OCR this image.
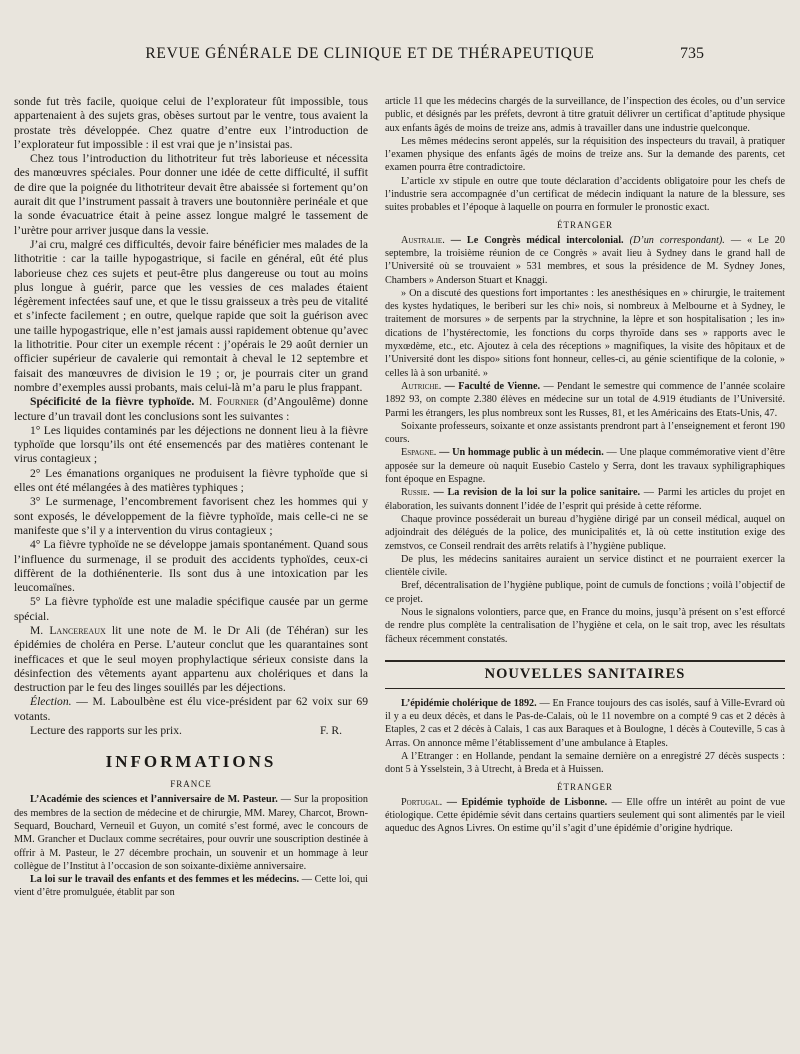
REVUE GÉNÉRALE DE CLINIQUE ET DE THÉRAPEUTIQUE	735

sonde fut très facile, quoique celui de l’explorateur fût impossible, tous appartenaient à des sujets gras, obèses surtout par le ventre, tous avaient la prostate très développée. Chez quatre d’entre eux l’introduction de l’explorateur fut impossible : il est vrai que je n’insistai pas.

Chez tous l’introduction du lithotriteur fut très laborieuse et nécessita des manœuvres spéciales. Pour donner une idée de cette difficulté, il suffit de dire que la poignée du lithotriteur devait être abaissée si fortement qu’on aurait dit que l’instrument passait à travers une boutonnière perinéale et que la sonde évacuatrice était à peine assez longue malgré le tassement de l’urètre pour arriver jusque dans la vessie.

J’ai cru, malgré ces difficultés, devoir faire bénéficier mes malades de la lithotritie : car la taille hypogastrique, si facile en général, eût été plus laborieuse chez ces sujets et peut-être plus dangereuse ou tout au moins plus longue à guérir, parce que les vessies de ces malades étaient légèrement infectées sauf une, et que le tissu graisseux a très peu de vitalité et s’infecte facilement ; en outre, quelque rapide que soit la guérison avec une taille hypogastrique, elle n’est jamais aussi rapidement obtenue qu’avec la lithotritie. Pour citer un exemple récent : j’opérais le 29 août dernier un officier supérieur de cavalerie qui remontait à cheval le 12 septembre et faisait des manœuvres de division le 19 ; or, je pourrais citer un grand nombre d’exemples aussi probants, mais celui-là m’a paru le plus frappant.

Spécificité de la fièvre typhoïde. M. Fournier (d’Angoulême) donne lecture d’un travail dont les conclusions sont les suivantes :

1° Les liquides contaminés par les déjections ne donnent lieu à la fièvre typhoïde que lorsqu’ils ont été ensemencés par des matières contenant le virus contagieux ;

2° Les émanations organiques ne produisent la fièvre typhoïde que si elles ont été mélangées à des matières typhiques ;

3° Le surmenage, l’encombrement favorisent chez les hommes qui y sont exposés, le développement de la fièvre typhoïde, mais celle-ci ne se manifeste que s’il y a intervention du virus contagieux ;

4° La fièvre typhoïde ne se développe jamais spontanément. Quand sous l’influence du surmenage, il se produit des accidents typhoïdes, ceux-ci diffèrent de la dothiénenterie. Ils sont dus à une intoxication par les leucomaïnes.

5° La fièvre typhoïde est une maladie spécifique causée par un germe spécial.

M. Lancereaux lit une note de M. le Dr Ali (de Téhéran) sur les épidémies de choléra en Perse. L’auteur conclut que les quarantaines sont inefficaces et que le seul moyen prophylactique sérieux consiste dans la désinfection des vêtements ayant appartenu aux cholériques et dans la destruction par le feu des linges souillés par les déjections.

Élection. — M. Laboulbène est élu vice-président par 62 voix sur 69 votants.

Lecture des rapports sur les prix.	F. R.

INFORMATIONS
FRANCE

L’Académie des sciences et l’anniversaire de M. Pasteur. — Sur la proposition des membres de la section de médecine et de chirurgie, MM. Marey, Charcot, Brown-Sequard, Bouchard, Verneuil et Guyon, un comité s’est formé, avec le concours de MM. Grancher et Duclaux comme secrétaires, pour ouvrir une souscription destinée à offrir à M. Pasteur, le 27 décembre prochain, un souvenir et un hommage à leur collègue de l’Institut à l’occasion de son soixante-dixième anniversaire.

La loi sur le travail des enfants et des femmes et les médecins. — Cette loi, qui vient d’être promulguée, établit par son

article 11 que les médecins chargés de la surveillance, de l’inspection des écoles, ou d’un service public, et désignés par les préfets, devront à titre gratuit délivrer un certificat d’aptitude physique aux enfants âgés de moins de treize ans, admis à travailler dans une industrie quelconque.

Les mêmes médecins seront appelés, sur la réquisition des inspecteurs du travail, à pratiquer l’examen physique des enfants âgés de moins de treize ans. Sur la demande des parents, cet examen pourra être contradictoire.

L’article xv stipule en outre que toute déclaration d’accidents obligatoire pour les chefs de l’industrie sera accompagnée d’un certificat de médecin indiquant la nature de la blessure, ses suites probables et l’époque à laquelle on pourra en formuler le pronostic exact.

ÉTRANGER

Australie. — Le Congrès médical intercolonial. (D’un correspondant). — « Le 20 septembre, la troisième réunion de ce Congrès » avait lieu à Sydney dans le grand hall de l’Université où se trouvaient » 531 membres, et sous la présidence de M. Sydney Jones, Chambers » Anderson Stuart et Knaggi.

» On a discuté des questions fort importantes : les anesthésiques en » chirurgie, le traitement des kystes hydatiques, le beriberi sur les chi» nois, si nombreux à Melbourne et à Sydney, le traitement de morsures » de serpents par la strychnine, la lèpre et son hospitalisation ; les in» dications de l’hystérectomie, les fonctions du corps thyroïde dans ses » rapports avec le myxœdème, etc., etc. Ajoutez à cela des réceptions » magnifiques, la visite des hôpitaux et de l’Université dont les dispo» sitions font honneur, celles-ci, au génie scientifique de la colonie, » celles là à son urbanité. »

Autriche. — Faculté de Vienne. — Pendant le semestre qui commence de l’année scolaire 1892 93, on compte 2.380 élèves en médecine sur un total de 4.919 étudiants de l’Université. Parmi les étrangers, les plus nombreux sont les Russes, 81, et les Américains des Etats-Unis, 47.

Soixante professeurs, soixante et onze assistants prendront part à l’enseignement et feront 190 cours.

Espagne. — Un hommage public à un médecin. — Une plaque commémorative vient d’être apposée sur la demeure où naquit Eusebio Castelo y Serra, dont les travaux syphiligraphiques font époque en Espagne.

Russie. — La revision de la loi sur la police sanitaire. — Parmi les articles du projet en élaboration, les suivants donnent l’idée de l’esprit qui préside à cette réforme.

Chaque province posséderait un bureau d’hygiène dirigé par un conseil médical, auquel on adjoindrait des délégués de la police, des municipalités et, là où cette institution exige des zemstvos, ce Conseil rendrait des arrêts relatifs à l’hygiène publique.

De plus, les médecins sanitaires auraient un service distinct et ne pourraient exercer la clientèle civile.

Bref, décentralisation de l’hygiène publique, point de cumuls de fonctions ; voilà l’objectif de ce projet.

Nous le signalons volontiers, parce que, en France du moins, jusqu’à présent on s’est efforcé de rendre plus complète la centralisation de l’hygiène et cela, on le sait trop, avec les résultats fâcheux récemment constatés.

NOUVELLES SANITAIRES

L’épidémie cholérique de 1892. — En France toujours des cas isolés, sauf à Ville-Evrard où il y a eu deux décès, et dans le Pas-de-Calais, où le 11 novembre on a compté 9 cas et 2 décès à Etaples, 2 cas et 2 décès à Calais, 1 cas aux Baraques et à Boulogne, 1 décès à Couteville, 5 cas à Arras. On annonce même l’établissement d’une ambulance à Etaples.

A l’Etranger : en Hollande, pendant la semaine dernière on a enregistré 27 décès suspects : dont 5 à Ysselstein, 3 à Utrecht, à Breda et à Huissen.

ÉTRANGER

Portugal. — Epidémie typhoïde de Lisbonne. — Elle offre un intérêt au point de vue étiologique. Cette épidémie sévit dans certains quartiers seulement qui sont alimentés par le vieil aqueduc des Agnos Livres. On estime qu’il s’agit d’une épidémie d’origine hydrique.
